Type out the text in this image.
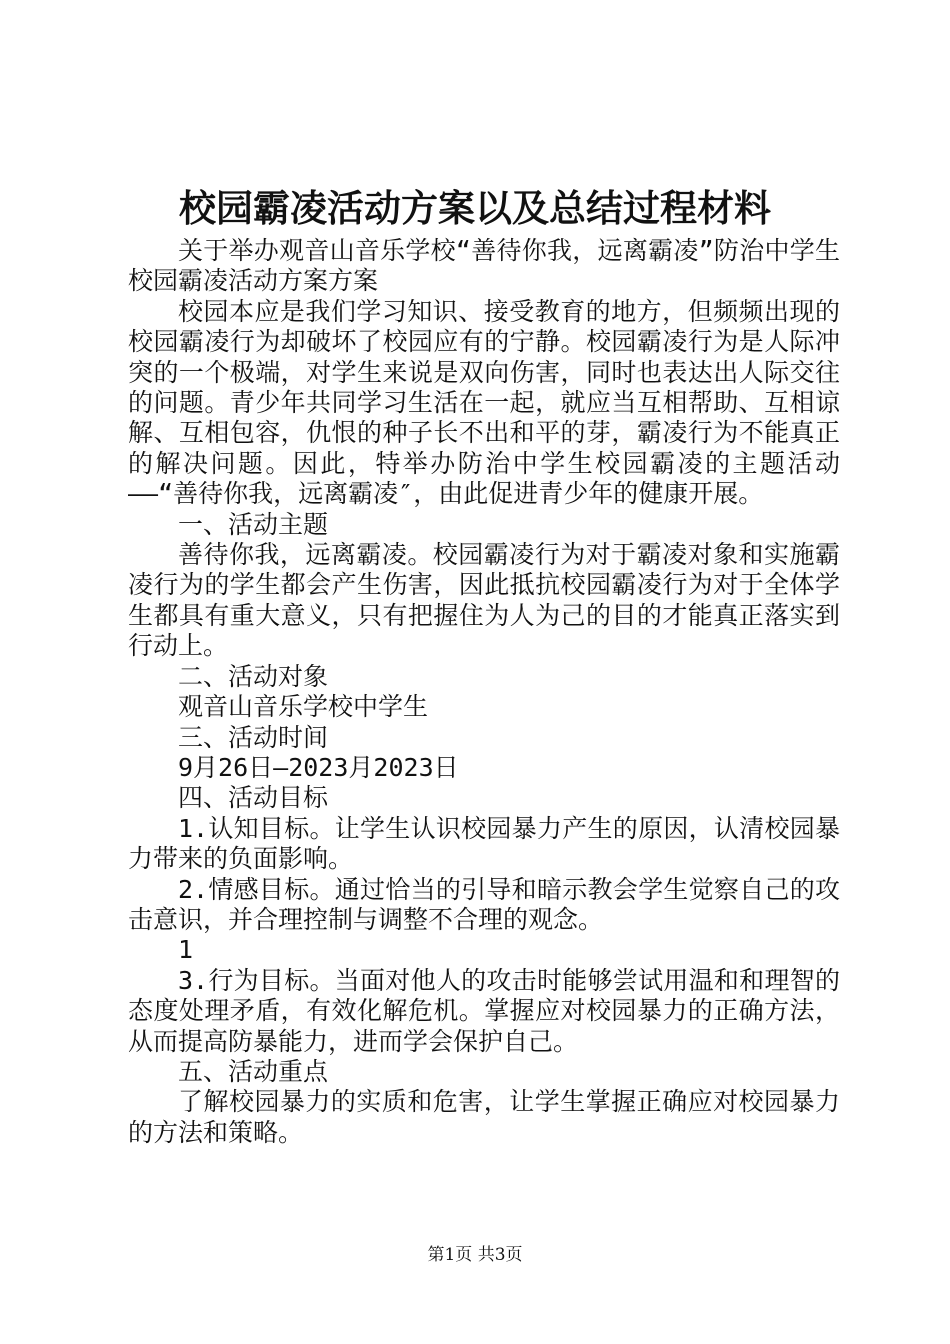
校园霸凌活动方案以及总结过程材料

关于举办观音山音乐学校“善待你我，远离霸凌”防治中学生校园霸凌活动方案方案

校园本应是我们学习知识、接受教育的地方，但频频出现的校园霸凌行为却破坏了校园应有的宁静。校园霸凌行为是人际冲突的一个极端，对学生来说是双向伤害，同时也表达出人际交往的问题。青少年共同学习生活在一起，就应当互相帮助、互相谅解、互相包容，仇恨的种子长不出和平的芽，霸凌行为不能真正的解决问题。因此，特举办防治中学生校园霸凌的主题活动——“善待你我，远离霸凌″，由此促进青少年的健康开展。

一、活动主题

善待你我，远离霸凌。校园霸凌行为对于霸凌对象和实施霸凌行为的学生都会产生伤害，因此抵抗校园霸凌行为对于全体学生都具有重大意义，只有把握住为人为己的目的才能真正落实到行动上。

二、活动对象

观音山音乐学校中学生

三、活动时间

9月26日—2023月2023日

四、活动目标

1.认知目标。让学生认识校园暴力产生的原因，认清校园暴力带来的负面影响。

2.情感目标。通过恰当的引导和暗示教会学生觉察自己的攻击意识，并合理控制与调整不合理的观念。

1

3.行为目标。当面对他人的攻击时能够尝试用温和和理智的态度处理矛盾，有效化解危机。掌握应对校园暴力的正确方法，从而提高防暴能力，进而学会保护自己。

五、活动重点

了解校园暴力的实质和危害，让学生掌握正确应对校园暴力的方法和策略。

第1页 共3页
